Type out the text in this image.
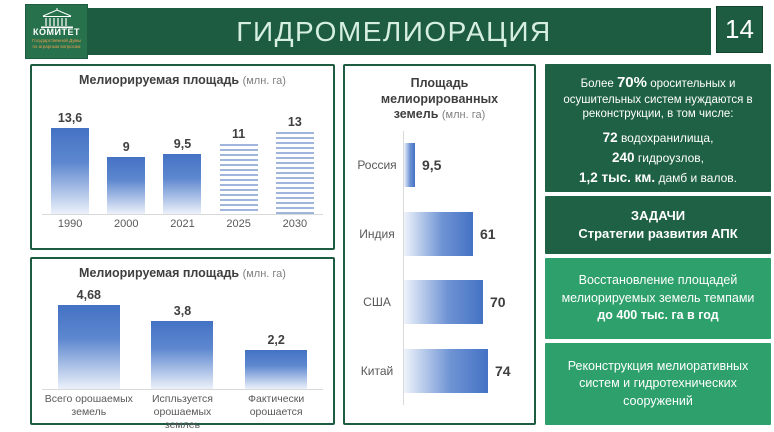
КОМИТЕТ
Государственной Думы
по аграрным вопросам	ГИДРОМЕЛИОРАЦИЯ	14
Мелиорируемая площадь (млн. га)
13,6
9	9,5
11
13
1990	2000	2021	2025	2030
Мелиорируемая площадь (млн. га)
4,68
3,8
2,2
Всего орошаемых земель
Испльзуется орошаемых землеь
Фактически орошается
Площадь мелиорированных земель (млн. га)
Россия
Индия
США
Китай
9,5
61
70
74
Более 70% оросительных и осушительных систем нуждаются в реконструкции, в том числе:
72 водохранилища,
240 гидроузлов,
1,2 тыс. км. дамб и валов.
ЗАДАЧИ
Стратегии развития АПК
Восстановление площадей мелиорируемых земель темпами до 400 тыс. га в год
Реконструкция мелиоративных систем и гидротехнических сооружений
